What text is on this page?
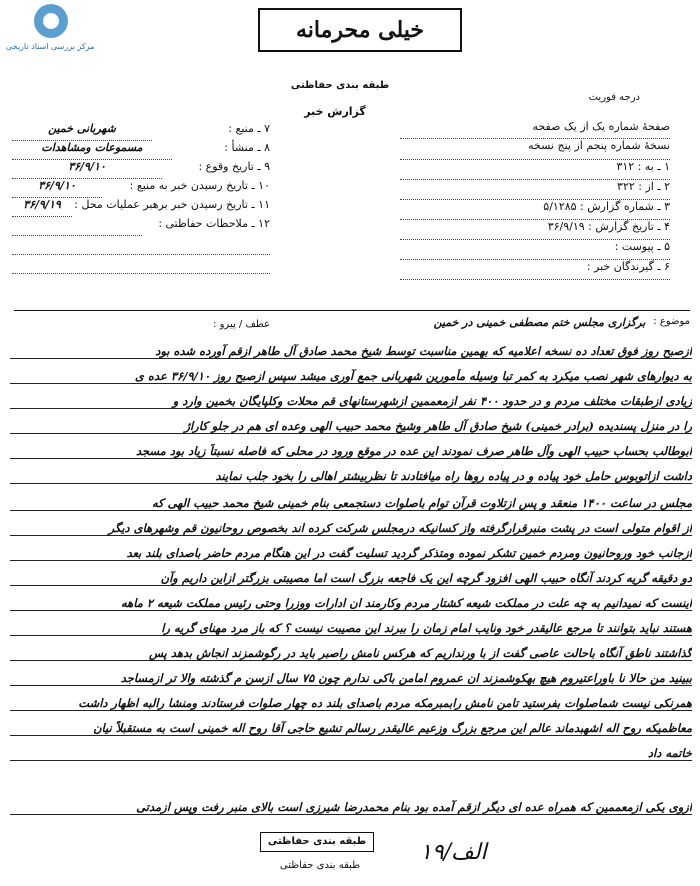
مرکز بررسی اسناد تاریخی
خیلی محرمانه
طبقه بندی حفاظتی
گزارش خبر
درجه فوریت
۷ ـ منبع :
شهربانی خمین
۸ ـ منشأ :
مسموعات ومشاهدات
۹ ـ تاریخ وقوع :
۳۶/۹/۱۰
۱۰ ـ تاریخ رسیدن خبر به منبع :
۳۶/۹/۱۰
۱۱ ـ تاریخ رسیدن خبر برهبر عملیات محل :
۳۶/۹/۱۹
۱۲ ـ ملاحظات حفاظتی :
صفحهٔ شماره یک از یک صفحه
نسخهٔ شماره پنجم از پنج نسخه
۱ ـ به : ۳۱۲
۲ ـ از : ۳۲۲
۳ ـ شماره گزارش : ۵/۱۲۸۵
۴ ـ تاریخ گزارش : ۳۶/۹/۱۹
۵ ـ پیوست :
۶ ـ گیرندگان خبر :
عطف / پیرو :	موضوع :
برگزاری مجلس ختم مصطفی خمینی در خمین
ازصبح روز فوق تعداد ده نسخه اعلامیه که بهمین مناسبت توسط شیخ محمد صادق آل طاهر ازقم آورده شده بود
به دیوارهای شهر نصب میکرد به کمر تبا وسیله مأمورین شهربانی جمع آوری میشد سپس ازصبح روز ۳۶/۹/۱۰ عده ی
زیادی ازطبقات مختلف مردم و در حدود ۴۰۰ نفر ازمعممین ازشهرستانهای قم محلات وکلپایگان بخمین وارد و
را در منزل پسندیده (برادر خمینی) شیخ صادق آل طاهر وشیخ محمد حبیب الهی وعده ای هم در جلو کاراژ
ابوطالب بحساب حبیب الهی وآل طاهر صرف نمودند این عده در موقع ورود در محلی که فاصله نسبتاً زیاد بود مسجد
داشت ازاتوبوس حامل خود پیاده و در پیاده روها راه میافتادند تا نظربیشتر اهالی را بخود جلب نمایند
مجلس در ساعت ۱۴۰۰ منعقد و پس ازتلاوت قرآن توام باصلوات دستجمعی بنام خمینی شیخ محمد حبیب الهی که
از اقوام متولی است در پشت منبرقرارگرفته واز کسانیکه درمجلس شرکت کرده اند بخصوص روحانیون قم وشهرهای دیگر
ازجانب خود وروحانیون ومردم خمین تشکر نموده ومتذکر گردید تسلیت گفت در این هنگام مردم حاضر باصدای بلند بعد
دو دقیقه گریه کردند آنگاه حبیب الهی افزود گرچه این یک فاجعه بزرگ است اما مصیبتی بزرگتر ازاین داریم وآن
اینست که نمیدانیم به چه علت در مملکت شیعه کشتار مردم وکارمند ان ادارات ووزرا وحتی رئیس مملکت شیعه ۲ ماهه
هستند نباید بتوانند تا مرجع عالیقدر خود ونایب امام زمان را ببرند این مصیبت نیست ؟ که باز مرد مهنای گریه را
گذاشتند ناطق آنگاه باحالت عاصی گفت از با ورنداریم که هرکس نامش راصبر باید در رگوشمزند انجاش بدهد پس
ببینید من حالا نا باوراعتیروم هیچ بهکوشمزند ان عمروم امامن باکی ندارم چون ۷۵ سال ازسن م گذشته والا تر ازمساجد
همرنکی نیست شماصلوات بفرستید تامن نامش رابمبرمکه مردم باصدای بلند ده چهار صلوات فرستادند ومنشا رالبه اظهار داشت
معاظمیکه روح اله اشهبدماند عالم این مرجع بزرگ وزعیم عالیقدر رسالم تشیع حاجی آقا روح اله خمینی است به مستقبلاً نیان
خاتمه داد
ازوی یکی ازمعممین که همراه عده ای دیگر ازقم آمده بود بنام محمدرضا شیرزی است بالای منبر رفت وپس ازمدتی
طبقه بندی حفاظتی
طبقه بندی حفاظتی
۱۹/الف
